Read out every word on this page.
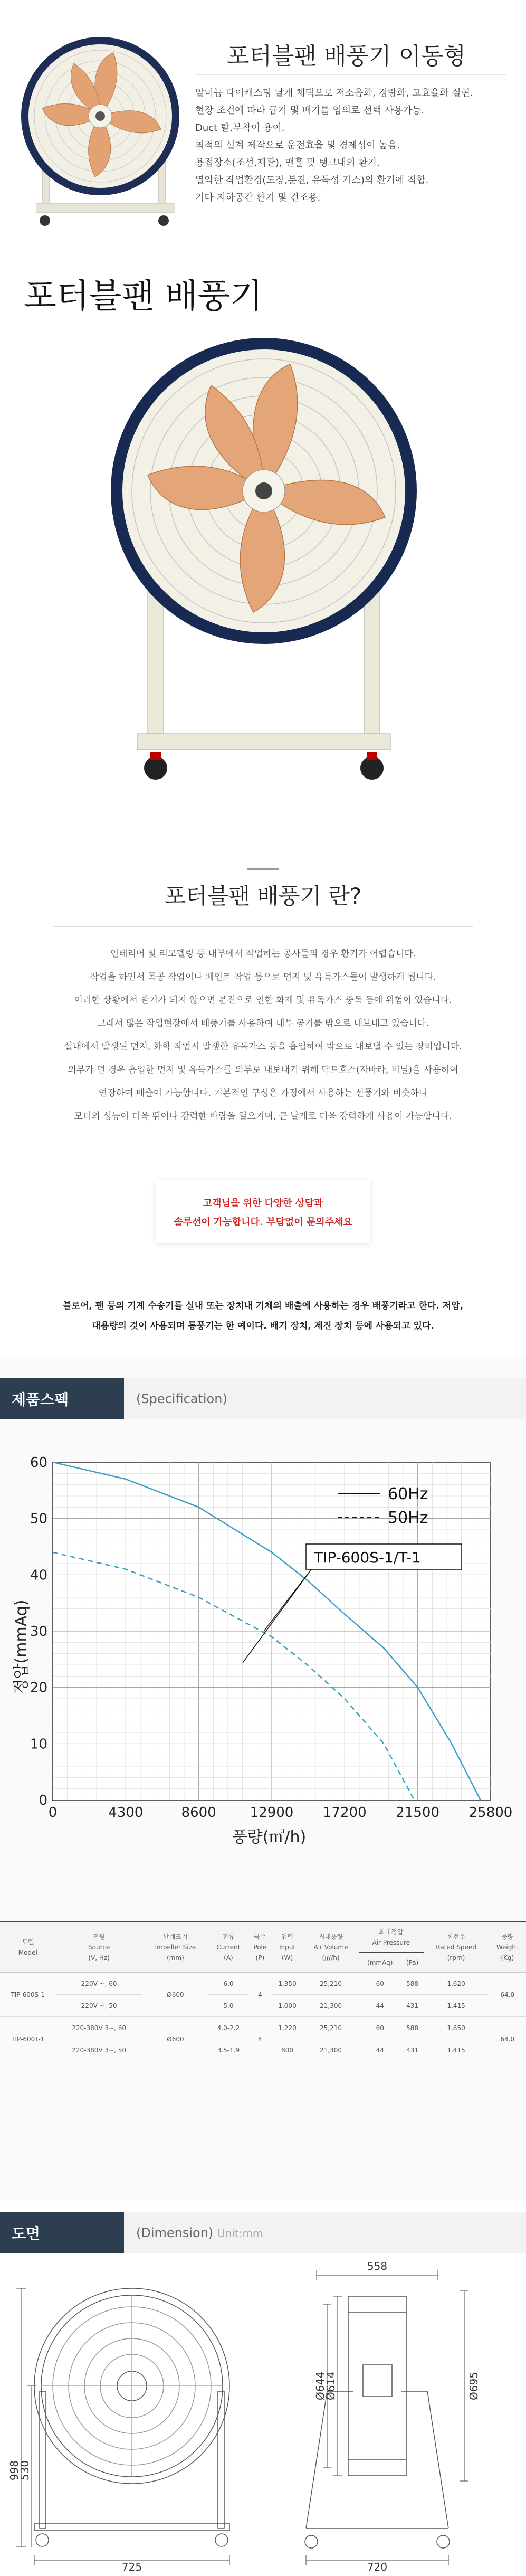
포터블팬 배풍기 이동형
알미늄 다이캐스팅 날개 채택으로 저소음화, 경량화, 고효율화 실현.
현장 조건에 따라 급기 및 배기를 임의로 선택 사용가능.
Duct 탈,부착이 용이.
최적의 설계 제작으로 운전효율 및 경제성이 높음.
용접장소(조선,제관), 맨홀 및 탱크내의 환기.
열악한 작업환경(도장,분진, 유독성 가스)의 환기에 적합.
기타 지하공간 환기 및 건조용.
포터블팬 배풍기
포터블팬 배풍기 란?

인테리어 및 리모델링 등 내부에서 작업하는 공사들의 경우 환기가 어렵습니다.

작업을 하면서 목공 작업이나 페인트 작업 등으로 먼지 및 유독가스들이 발생하게 됩니다.

이러한 상황에서 환기가 되지 않으면 분진으로 인한 화재 및 유독가스 중독 등에 위험이 있습니다.

그래서 많은 작업현장에서 배풍기를 사용하여 내부 공기를 밖으로 내보내고 있습니다.

실내에서 발생된 먼지, 화학 작업시 발생한 유독가스 등을 흡입하여 밖으로 내보낼 수 있는 장비입니다.

외부가 먼 경우 흡입한 먼지 및 유독가스를 외부로 내보내기 위해 닥트호스(자바라, 비닐)을 사용하여

연장하여 배출이 가능합니다. 기본적인 구성은 가정에서 사용하는 선풍기와 비슷하나

모터의 성능이 더욱 뛰어나 강력한 바람을 일으키며, 큰 날개로 더욱 강력하게 사용이 가능합니다.

고객님을 위한 다양한 상담과

솔루션이 가능합니다. 부담없이 문의주세요

블로어, 팬 등의 기계 수송기를 실내 또는 장치내 기체의 배출에 사용하는 경우 배풍기라고 한다. 저압,

대용량의 것이 사용되며 통풍기는 한 예이다. 배기 장치, 제진 장치 등에 사용되고 있다.

제품스펙	(Specification)
0
10
20
30
40
50
60
0	4300	8600 12900 17200 21500 25800
정압(mmAq)
풍량(㎥/h)
60Hz
50Hz
TIP-600S-1/T-1
모델
Model	전원
Source
(V, Hz)	날개크기
Impeller Size
(mm)	전류
Current
(A)	극수
Pole
(P)	입력
Input
(W)	최대풍량
Air Volume
(㎥/h)	최대정압
Air Pressure		회전수
Rated Speed
(rpm)	중량
Weight
(Kg)
							(mmAq)	(Pa)		
TIP-600S-1	220V ~, 60	Ø600	6.0	4	1,350	25,210	60	588	1,620	64.0
	220V ~, 50		5.0		1,000	21,300	44	431	1,415	
TIP-600T-1	220-380V 3~, 60	Ø600	4.0-2.2	4	1,220	25,210	60	588	1,650	64.0
	220-380V 3~, 50		3.5-1.9		800	21,300	44	431	1,415	
도면	(Dimension) Unit:mm
725
998
530
558
720
Ø644
Ø614	Ø695
